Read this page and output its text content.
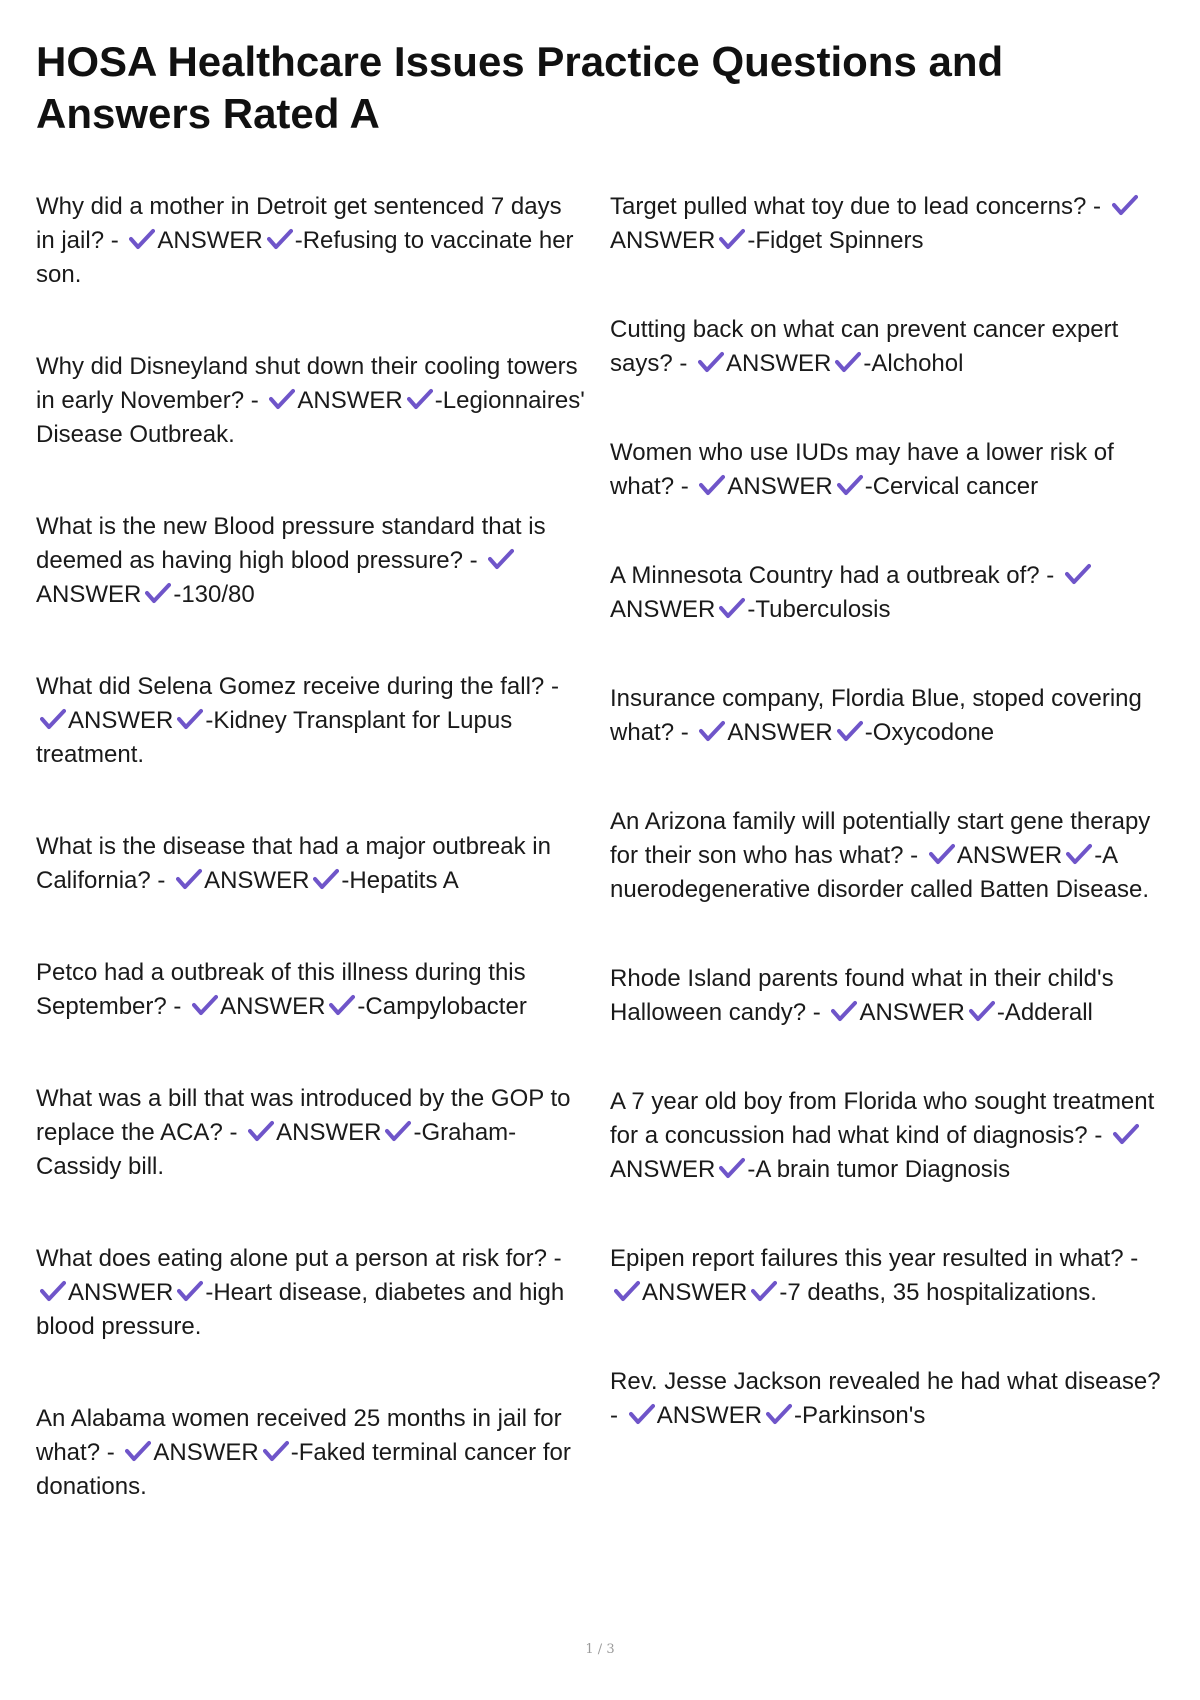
HOSA Healthcare Issues Practice Questions and Answers Rated A
Why did a mother in Detroit get sentenced 7 days in jail? -
ANSWER -Refusing to vaccinate her son.
Why did Disneyland shut down their cooling towers in early November? -
ANSWER -Legionnaires' Disease Outbreak.
What is the new Blood pressure standard that is deemed as having high blood pressure? -
ANSWER -130/80
What did Selena Gomez receive during the fall? -
ANSWER -Kidney Transplant for Lupus treatment.
What is the disease that had a major outbreak in California? -
ANSWER -Hepatits A
Petco had a outbreak of this illness during this September? -
ANSWER -Campylobacter
What was a bill that was introduced by the GOP to replace the ACA? -
ANSWER -Graham-Cassidy bill.
What does eating alone put a person at risk for? -
ANSWER -Heart disease, diabetes and high blood pressure.
An Alabama women received 25 months in jail for what? -
ANSWER -Faked terminal cancer for donations.
Target pulled what toy due to lead concerns? -
ANSWER -Fidget Spinners
Cutting back on what can prevent cancer expert says? -
ANSWER -Alchohol
Women who use IUDs may have a lower risk of what? -
ANSWER -Cervical cancer
A Minnesota Country had a outbreak of? -
ANSWER -Tuberculosis
Insurance company, Flordia Blue, stoped covering what? -
ANSWER -Oxycodone
An Arizona family will potentially start gene therapy for their son who has what? -
ANSWER -A nuerodegenerative disorder called Batten Disease.
Rhode Island parents found what in their child's Halloween candy? -
ANSWER -Adderall
A 7 year old boy from Florida who sought treatment for a concussion had what kind of diagnosis? -
ANSWER -A brain tumor Diagnosis
Epipen report failures this year resulted in what? -
ANSWER -7 deaths, 35 hospitalizations.
Rev. Jesse Jackson revealed he had what disease? -
ANSWER -Parkinson's
1 / 3
